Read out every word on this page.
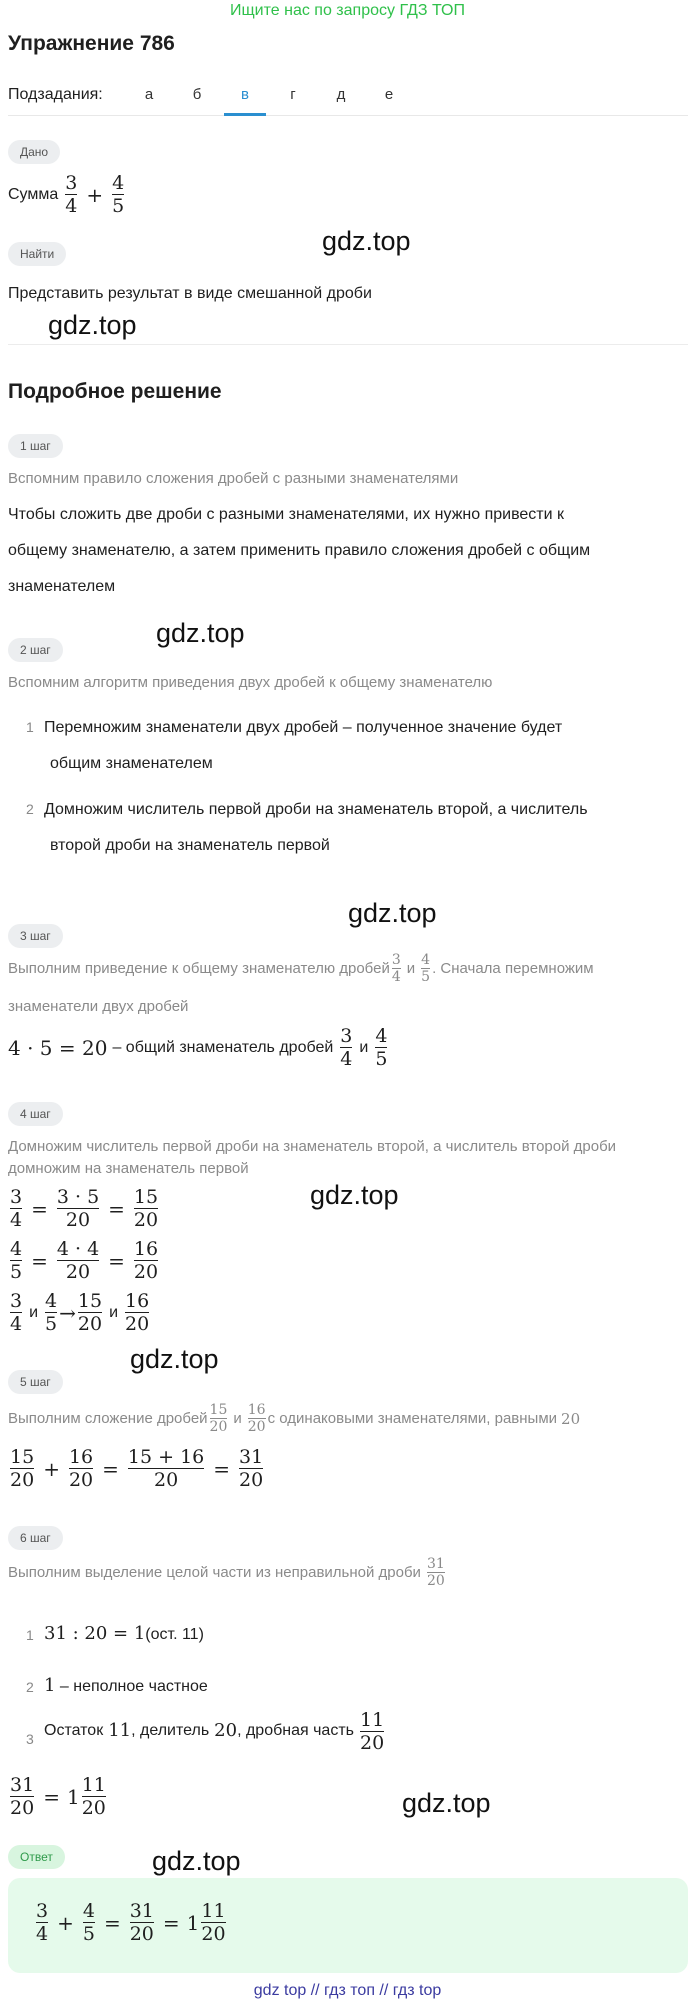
Ищите нас по запросу ГДЗ ТОП
Упражнение 786
Подзадания:	а	б	в	г	д	е
Дано
Сумма $\frac{3}{4} + \frac{4}{5}$
Найти
Представить результат в виде смешанной дроби
gdz.top
gdz.top
Подробное решение
1 шаг
Вспомним правило сложения дробей с разными знаменателями
Чтобы сложить две дроби с разными знаменателями, их нужно привести к
общему знаменателю, а затем применить правило сложения дробей с общим
знаменателем
gdz.top
2 шаг
Вспомним алгоритм приведения двух дробей к общему знаменателю
1 Перемножим знаменатели двух дробей – полученное значение будет
общим знаменателем
2 Домножим числитель первой дроби на знаменатель второй, а числитель
второй дроби на знаменатель первой
gdz.top
3 шаг
Выполним приведение к общему знаменателю дробей $\frac{3}{4}$ и $\frac{4}{5}$ . Сначала перемножим
знаменатели двух дробей
4 · 5 = 20 – общий знаменатель дробей $\frac{3}{4}$ и $\frac{4}{5}$
4 шаг
Домножим числитель первой дроби на знаменатель второй, а числитель второй дроби
домножим на знаменатель первой
$\frac{3}{4} = \frac{3 \cdot 5}{20} = \frac{15}{20}$
$\frac{4}{5} = \frac{4 \cdot 4}{20} = \frac{16}{20}$
$\frac{3}{4}$ и $\frac{4}{5} \to \frac{15}{20}$ и $\frac{16}{20}$
gdz.top
gdz.top
5 шаг
Выполним сложение дробей $\frac{15}{20}$ и $\frac{16}{20}$ с одинаковыми знаменателями, равными 20
$\frac{15}{20} + \frac{16}{20} = \frac{15 + 16}{20} = \frac{31}{20}$
6 шаг
Выполним выделение целой части из неправильной дроби $\frac{31}{20}$
1 31 : 20 = 1(ост. 11)
2 1 – неполное частное
3 Остаток 11 , делитель 20 , дробная часть $\frac{11}{20}$
$\frac{31}{20} = 1 \frac{11}{20}$	gdz.top
gdz.top
Ответ
$\frac{3}{4} + \frac{4}{5} = \frac{31}{20} = 1 \frac{11}{20}$
gdz top // гдз топ // гдз top
